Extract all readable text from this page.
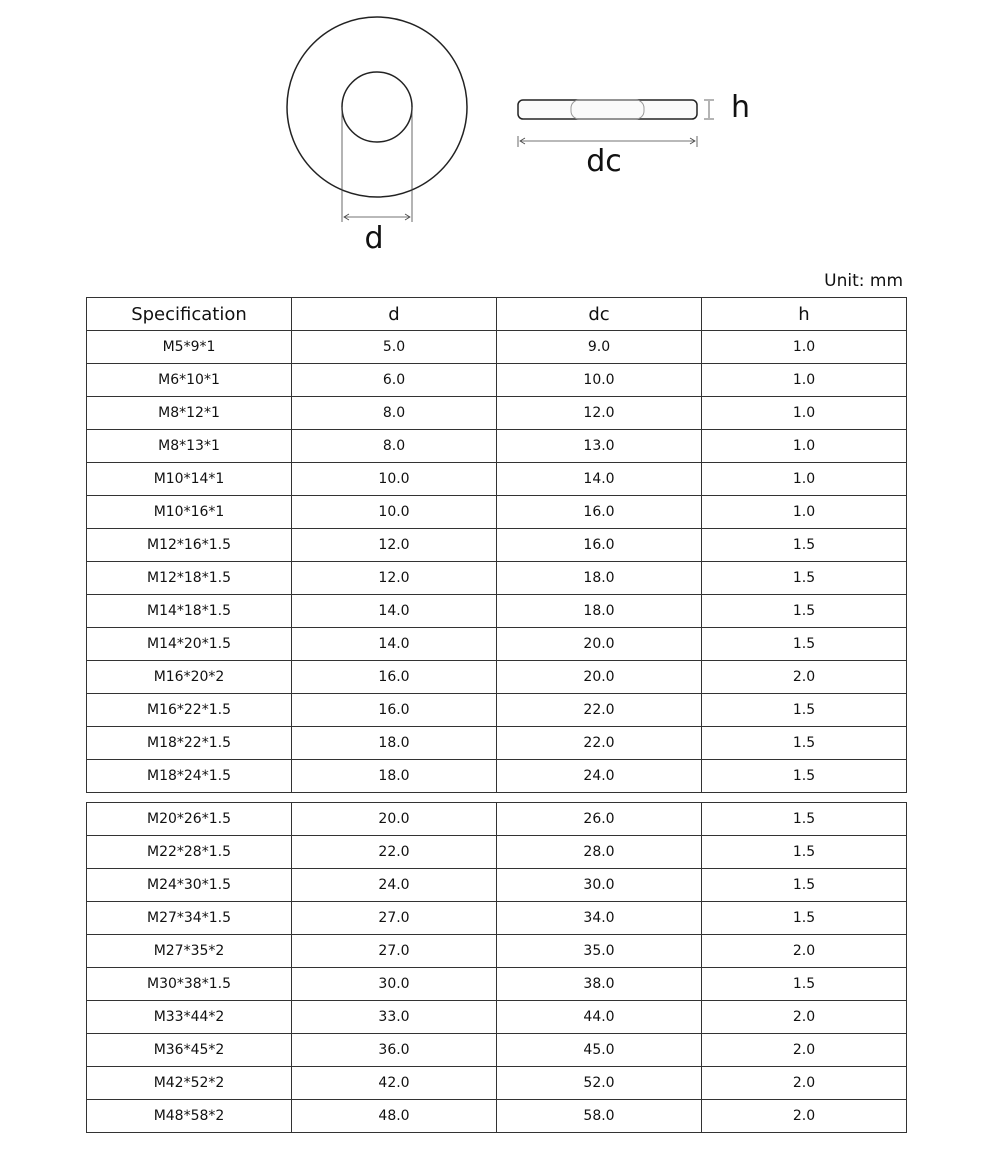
d
h
dc
Unit: mm
Specification	d	dc	h
M5*9*1	5.0	9.0	1.0
M6*10*1	6.0	10.0	1.0
M8*12*1	8.0	12.0	1.0
M8*13*1	8.0	13.0	1.0
M10*14*1	10.0	14.0	1.0
M10*16*1	10.0	16.0	1.0
M12*16*1.5	12.0	16.0	1.5
M12*18*1.5	12.0	18.0	1.5
M14*18*1.5	14.0	18.0	1.5
M14*20*1.5	14.0	20.0	1.5
M16*20*2	16.0	20.0	2.0
M16*22*1.5	16.0	22.0	1.5
M18*22*1.5	18.0	22.0	1.5
M18*24*1.5	18.0	24.0	1.5
M20*26*1.5	20.0	26.0	1.5
M22*28*1.5	22.0	28.0	1.5
M24*30*1.5	24.0	30.0	1.5
M27*34*1.5	27.0	34.0	1.5
M27*35*2	27.0	35.0	2.0
M30*38*1.5	30.0	38.0	1.5
M33*44*2	33.0	44.0	2.0
M36*45*2	36.0	45.0	2.0
M42*52*2	42.0	52.0	2.0
M48*58*2	48.0	58.0	2.0
